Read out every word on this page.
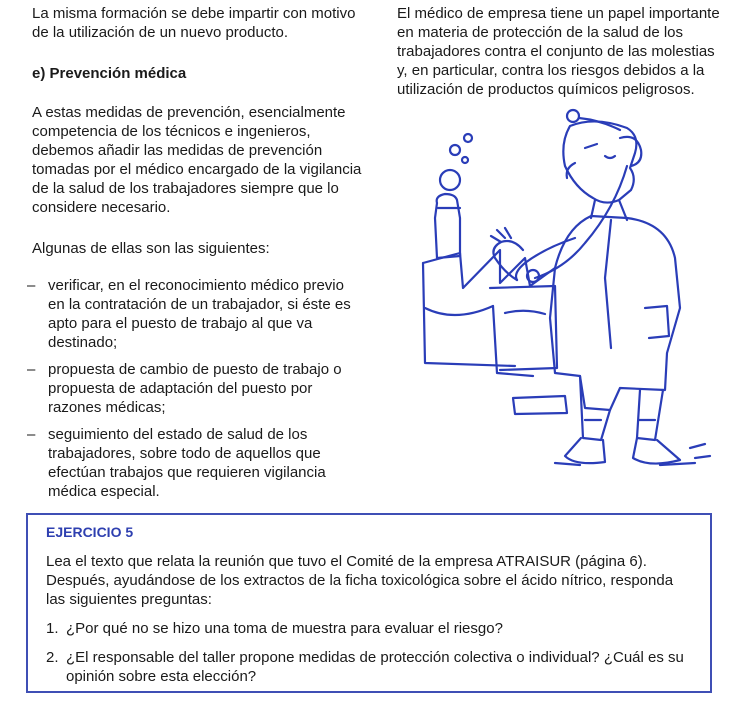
La misma formación se debe impartir con motivo de la utilización de un nuevo producto.

e) Prevención médica

A estas medidas de prevención, esencialmente competencia de los técnicos e ingenieros, debemos añadir las medidas de prevención tomadas por el médico encargado de la vigilancia de la salud de los trabajadores siempre que lo considere necesario.

Algunas de ellas son las siguientes:

– verificar, en el reconocimiento médico previo en la contratación de un trabajador, si éste es apto para el puesto de trabajo al que va destinado;
– propuesta de cambio de puesto de trabajo o propuesta de adaptación del puesto por razones médicas;
– seguimiento del estado de salud de los trabajadores, sobre todo de aquellos que efectúan trabajos que requieren vigilancia médica especial.

El médico de empresa tiene un papel importante en materia de protección de la salud de los trabajadores contra el conjunto de las molestias y, en particular, contra los riesgos debidos a la utilización de productos químicos peligrosos.

EJERCICIO 5

Lea el texto que relata la reunión que tuvo el Comité de la empresa ATRAISUR (página 6). Después, ayudándose de los extractos de la ficha toxicológica sobre el ácido nítrico, responda las siguientes preguntas:

1. ¿Por qué no se hizo una toma de muestra para evaluar el riesgo?
2. ¿El responsable del taller propone medidas de protección colectiva o individual? ¿Cuál es su opinión sobre esta elección?
